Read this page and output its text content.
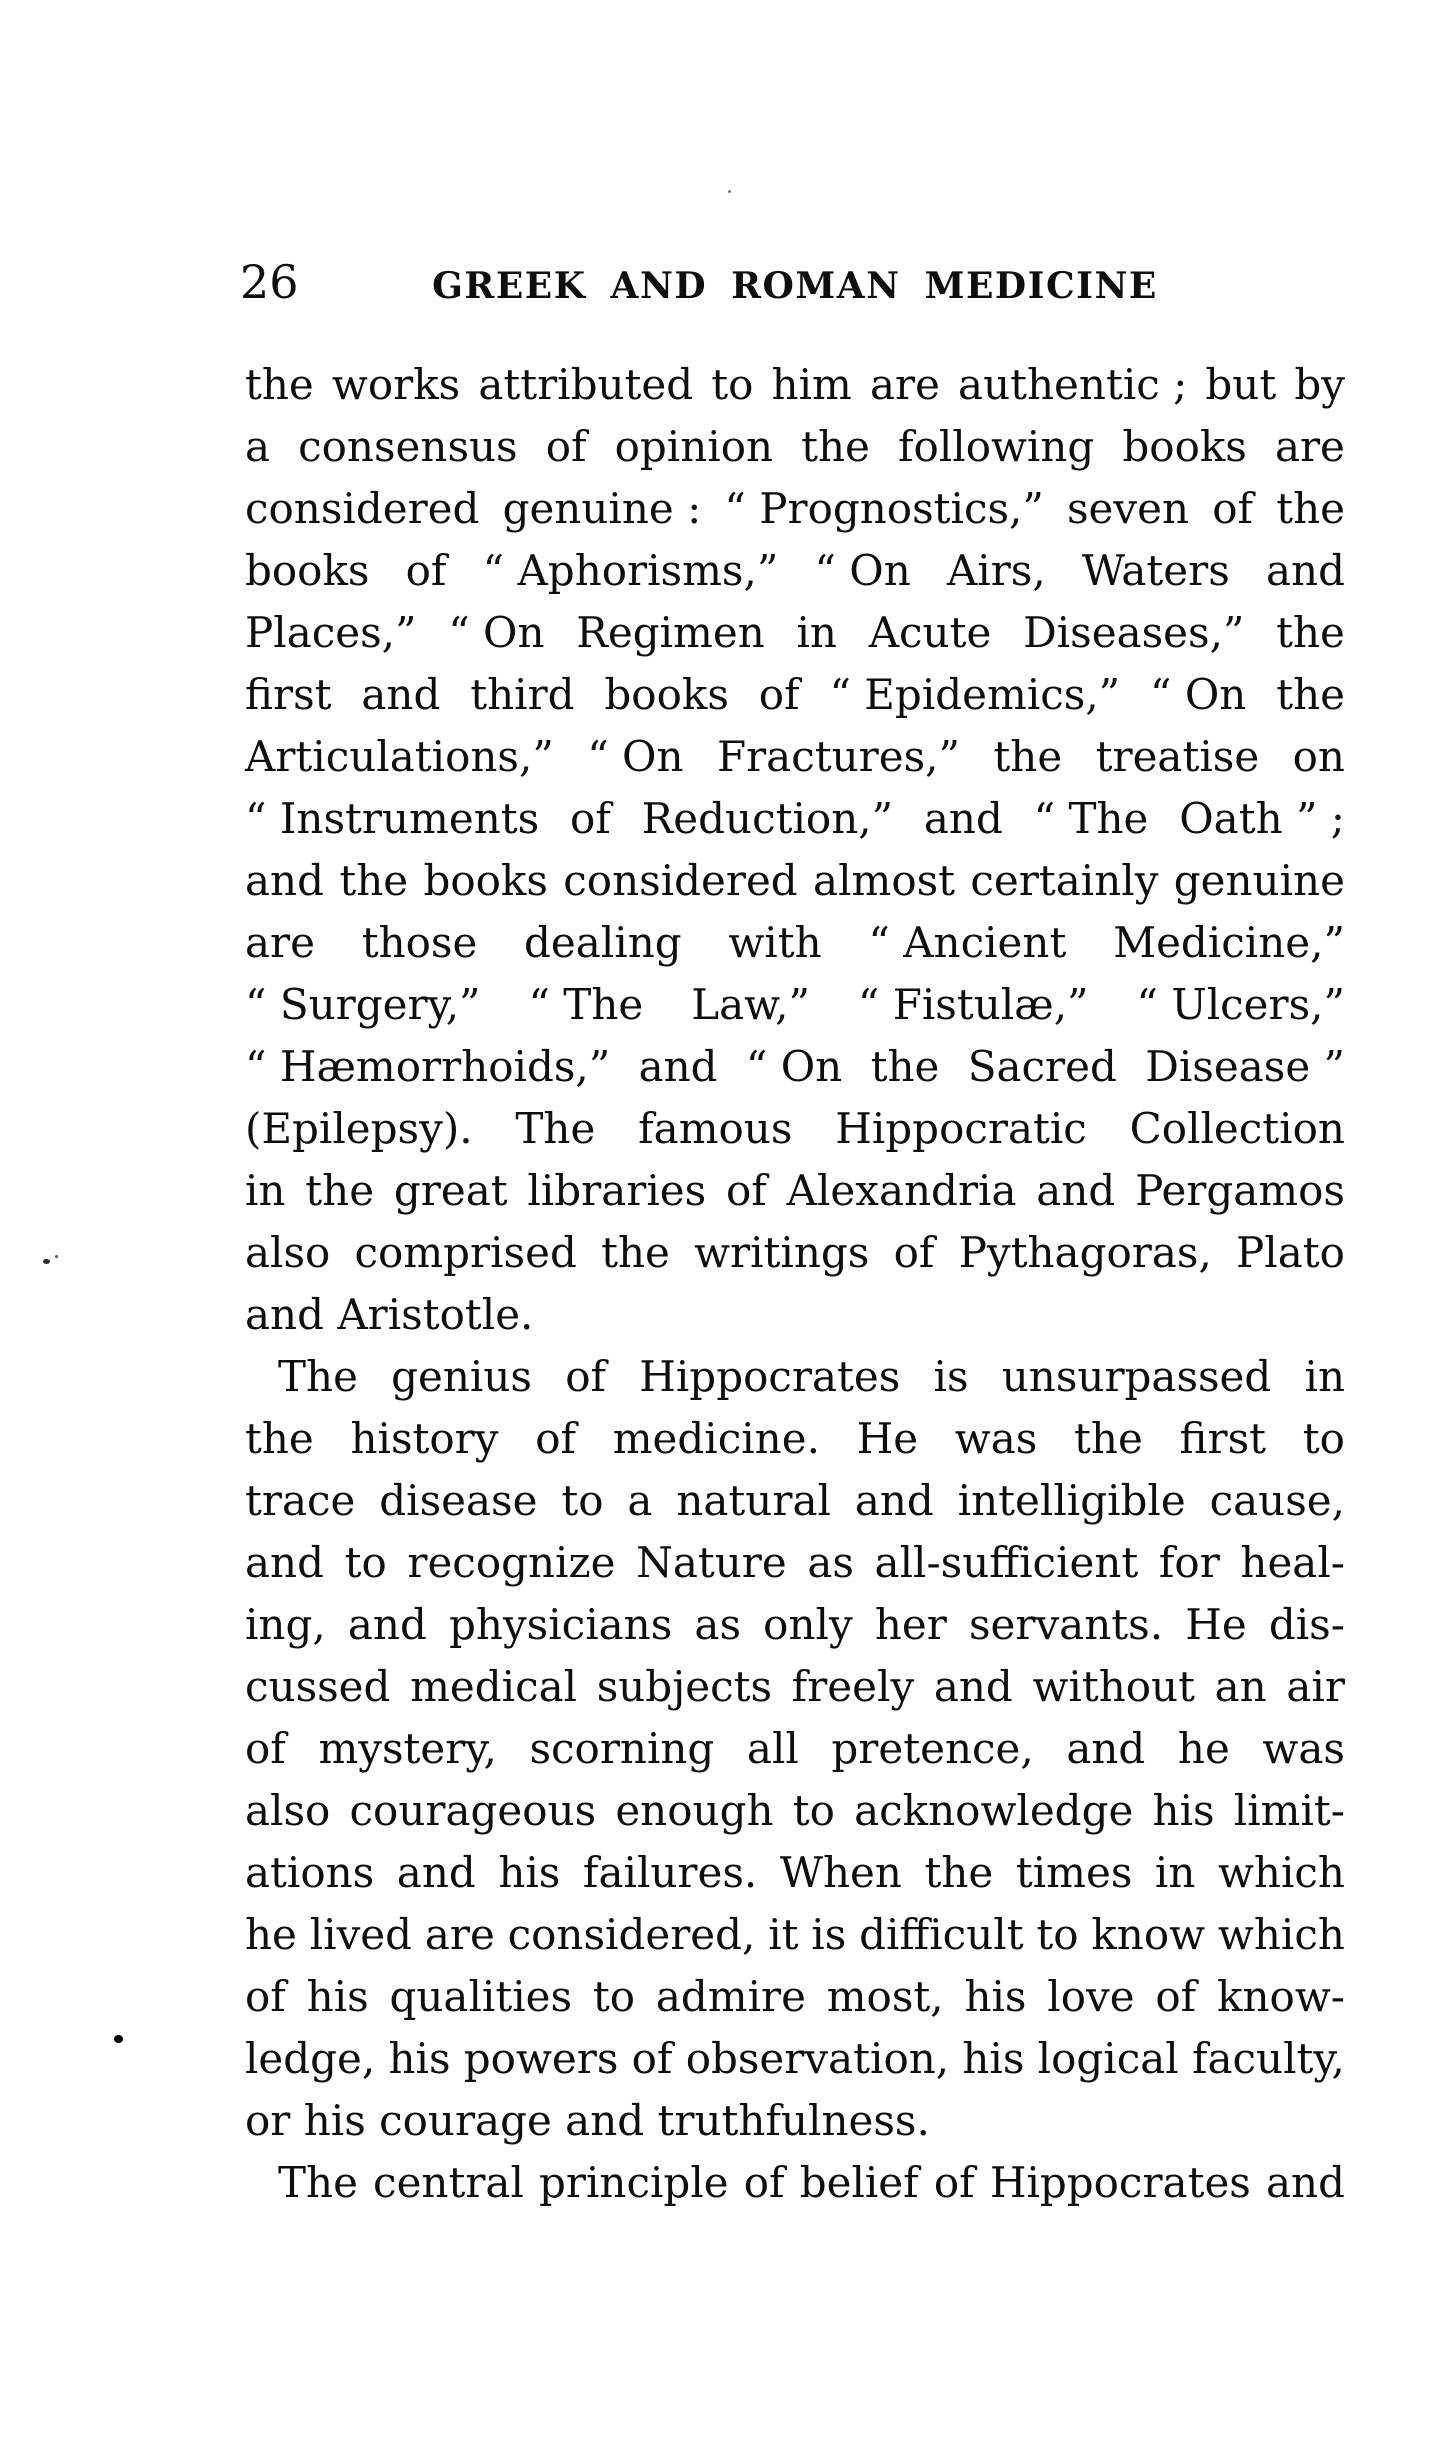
26	GREEK AND ROMAN MEDICINE
the works attributed to him are authentic ; but by
a consensus of opinion the following books are
considered genuine : “ Prognostics,” seven of the
books of “ Aphorisms,” “ On Airs, Waters and
Places,” “ On Regimen in Acute Diseases,” the
first and third books of “ Epidemics,” “ On the
Articulations,” “ On Fractures,” the treatise on
“ Instruments of Reduction,” and “ The Oath ” ;
and the books considered almost certainly genuine
are those dealing with “ Ancient Medicine,”
“ Surgery,” “ The Law,” “ Fistulæ,” “ Ulcers,”
“ Hæmorrhoids,” and “ On the Sacred Disease ”
(Epilepsy). The famous Hippocratic Collection
in the great libraries of Alexandria and Pergamos
also comprised the writings of Pythagoras, Plato
and Aristotle.
The genius of Hippocrates is unsurpassed in
the history of medicine. He was the first to
trace disease to a natural and intelligible cause,
and to recognize Nature as all-sufficient for heal-
ing, and physicians as only her servants. He dis-
cussed medical subjects freely and without an air
of mystery, scorning all pretence, and he was
also courageous enough to acknowledge his limit-
ations and his failures. When the times in which
he lived are considered, it is difficult to know which
of his qualities to admire most, his love of know-
ledge, his powers of observation, his logical faculty,
or his courage and truthfulness.
The central principle of belief of Hippocrates and
